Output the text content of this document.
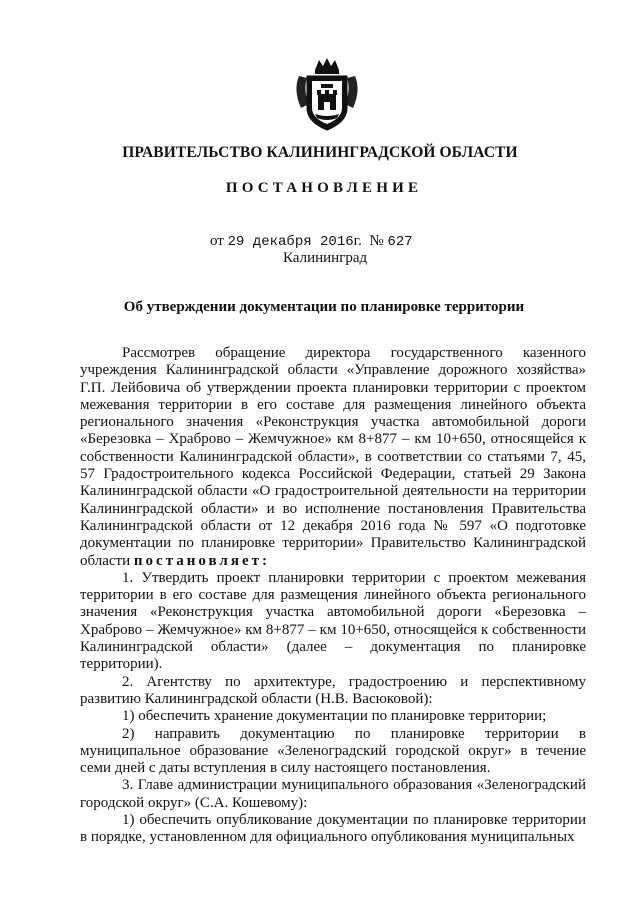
ПРАВИТЕЛЬСТВО КАЛИНИНГРАДСКОЙ ОБЛАСТИ
ПОСТАНОВЛЕНИЕ
от 29 декабря 2016г. № 627
Калининград
Об утверждении документации по планировке территории

Рассмотрев обращение директора государственного казенного учреждения Калининградской области «Управление дорожного хозяйства» Г.П. Лейбовича об утверждении проекта планировки территории с проектом межевания территории в его составе для размещения линейного объекта регионального значения «Реконструкция участка автомобильной дороги «Березовка – Храброво – Жемчужное» км 8+877 – км 10+650, относящейся к собственности Калининградской области», в соответствии со статьями 7, 45, 57 Градостроительного кодекса Российской Федерации, статьей 29 Закона Калининградской области «О градостроительной деятельности на территории Калининградской области» и во исполнение постановления Правительства Калининградской области от 12 декабря 2016 года № 597 «О подготовке документации по планировке территории» Правительство Калининградской области постановляет:

1. Утвердить проект планировки территории с проектом межевания территории в его составе для размещения линейного объекта регионального значения «Реконструкция участка автомобильной дороги «Березовка – Храброво – Жемчужное» км 8+877 – км 10+650, относящейся к собственности Калининградской области» (далее – документация по планировке территории).

2. Агентству по архитектуре, градостроению и перспективному развитию Калининградской области (Н.В. Васюковой):

1) обеспечить хранение документации по планировке территории;

2) направить документацию по планировке территории в муниципальное образование «Зеленоградский городской округ» в течение семи дней с даты вступления в силу настоящего постановления.

3. Главе администрации муниципального образования «Зеленоградский городской округ» (С.А. Кошевому):

1) обеспечить опубликование документации по планировке территории в порядке, установленном для официального опубликования муниципальных
